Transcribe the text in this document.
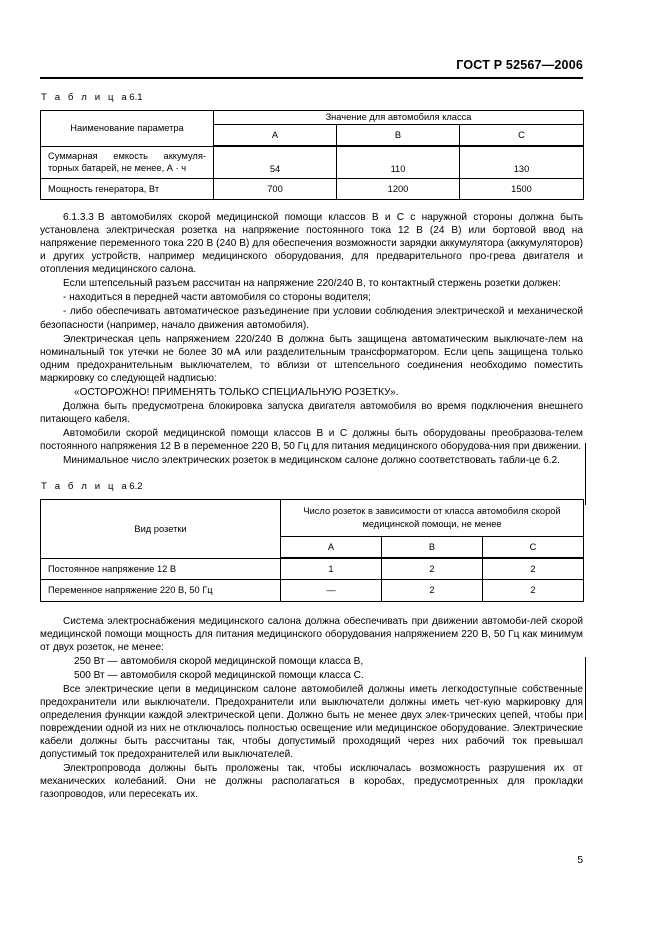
ГОСТ Р 52567—2006
Т а б л и ц а6.1
Наименование параметра	Значение для автомобиля класса		
	А	В	С
Суммарная емкость аккумуля-торных батарей, не менее, А · ч	54	110	130
Мощность генератора, Вт	700	1200	1500

6.1.3.3 В автомобилях скорой медицинской помощи классов В и С с наружной стороны должна быть установлена электрическая розетка на напряжение постоянного тока 12 В (24 В) или бортовой ввод на напряжение переменного тока 220 В (240 В) для обеспечения возможности зарядки аккумулятора (аккумуляторов) и других устройств, например медицинского оборудования, для предварительного про-грева двигателя и отопления медицинского салона.

Если штепсельный разъем рассчитан на напряжение 220/240 В, то контактный стержень розетки должен:

- находиться в передней части автомобиля со стороны водителя;

- либо обеспечивать автоматическое разъединение при условии соблюдения электрической и механической безопасности (например, начало движения автомобиля).

Электрическая цепь напряжением 220/240 В должна быть защищена автоматическим выключате-лем на номинальный ток утечки не более 30 мА или разделительным трансформатором. Если цепь защищена только одним предохранительным выключателем, то вблизи от штепсельного соединения необходимо поместить маркировку со следующей надписью:

«ОСТОРОЖНО! ПРИМЕНЯТЬ ТОЛЬКО СПЕЦИАЛЬНУЮ РОЗЕТКУ».

Должна быть предусмотрена блокировка запуска двигателя автомобиля во время подключения внешнего питающего кабеля.

Автомобили скорой медицинской помощи классов В и С должны быть оборудованы преобразова-телем постоянного напряжения 12 В в переменное 220 В, 50 Гц для питания медицинского оборудова-ния при движении.

Минимальное число электрических розеток в медицинском салоне должно соответствовать табли-це 6.2.

Т а б л и ц а6.2
Вид розетки	Число розеток в зависимости от класса автомобиля скорой медицинской помощи, не менее		
	А	В	С
Постоянное напряжение 12 В	1	2	2
Переменное напряжение 220 В, 50 Гц	—	2	2

Система электроснабжения медицинского салона должна обеспечивать при движении автомоби-лей скорой медицинской помощи мощность для питания медицинского оборудования напряжением 220 В, 50 Гц как минимум от двух розеток, не менее:

250 Вт — автомобиля скорой медицинской помощи класса В,

500 Вт — автомобиля скорой медицинской помощи класса С.

Все электрические цепи в медицинском салоне автомобилей должны иметь легкодоступные собственные предохранители или выключатели. Предохранители или выключатели должны иметь чет-кую маркировку для определения функции каждой электрической цепи. Должно быть не менее двух элек-трических цепей, чтобы при повреждении одной из них не отключалось полностью освещение или медицинское оборудование. Электрические кабели должны быть рассчитаны так, чтобы допустимый проходящий через них рабочий ток превышал допустимый ток предохранителей или выключателей.

Электропровода должны быть проложены так, чтобы исключалась возможность разрушения их от механических колебаний. Они не должны располагаться в коробах, предусмотренных для прокладки газопроводов, или пересекать их.

5
